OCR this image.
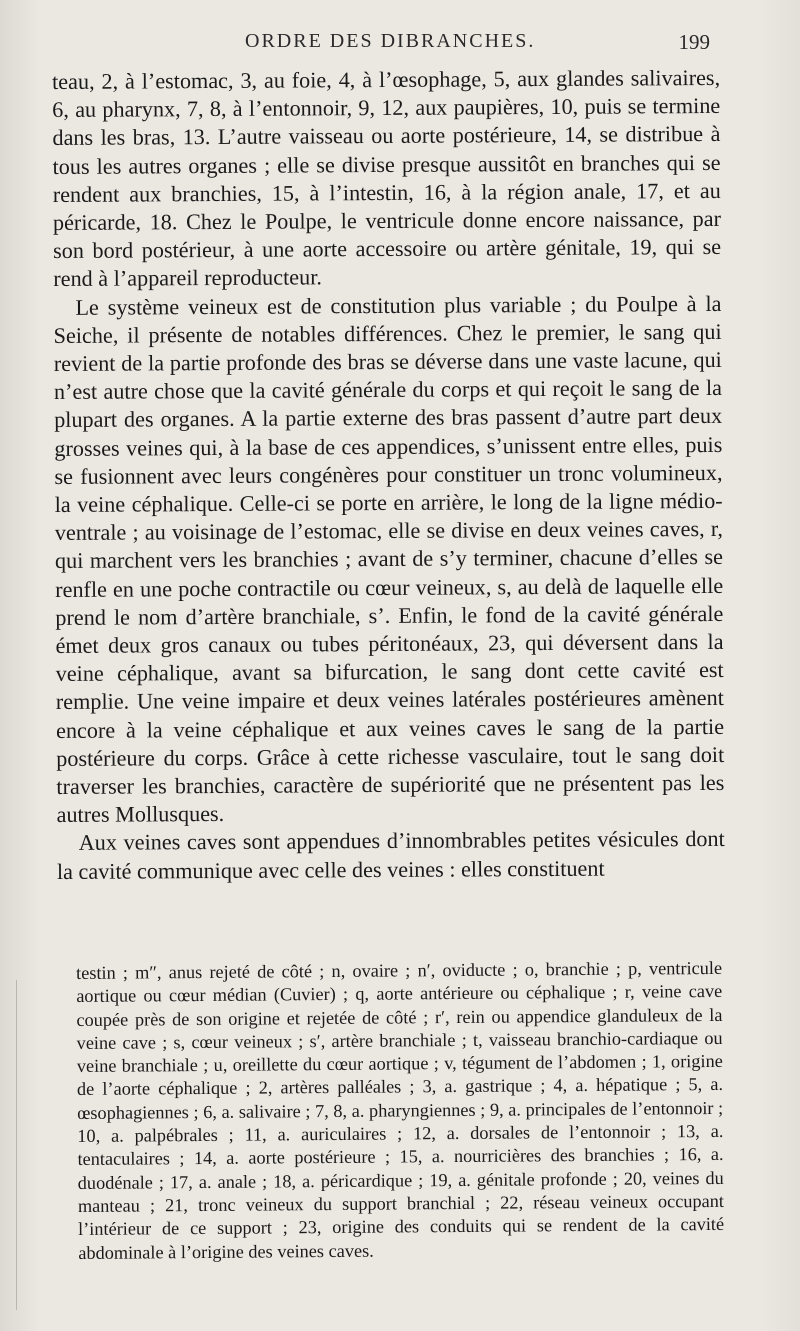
ORDRE DES DIBRANCHES.	199

teau, 2, à l’estomac, 3, au foie, 4, à l’œsophage, 5, aux glandes salivaires, 6, au pharynx, 7, 8, à l’entonnoir, 9, 12, aux paupières, 10, puis se termine dans les bras, 13. L’autre vaisseau ou aorte postérieure, 14, se distribue à tous les autres organes ; elle se divise presque aussitôt en branches qui se rendent aux branchies, 15, à l’intestin, 16, à la région anale, 17, et au péricarde, 18. Chez le Poulpe, le ventricule donne encore naissance, par son bord postérieur, à une aorte accessoire ou artère génitale, 19, qui se rend à l’appareil reproducteur.

Le système veineux est de constitution plus variable ; du Poulpe à la Seiche, il présente de notables différences. Chez le premier, le sang qui revient de la partie profonde des bras se déverse dans une vaste lacune, qui n’est autre chose que la cavité générale du corps et qui reçoit le sang de la plupart des organes. A la partie externe des bras passent d’autre part deux grosses veines qui, à la base de ces appendices, s’unissent entre elles, puis se fusionnent avec leurs congénères pour constituer un tronc volumineux, la veine céphalique. Celle-ci se porte en arrière, le long de la ligne médio-ventrale ; au voisinage de l’estomac, elle se divise en deux veines caves, r, qui marchent vers les branchies ; avant de s’y terminer, chacune d’elles se renfle en une poche contractile ou cœur veineux, s, au delà de laquelle elle prend le nom d’artère branchiale, s’. Enfin, le fond de la cavité générale émet deux gros canaux ou tubes péritonéaux, 23, qui déversent dans la veine céphalique, avant sa bifurcation, le sang dont cette cavité est remplie. Une veine impaire et deux veines latérales postérieures amènent encore à la veine céphalique et aux veines caves le sang de la partie postérieure du corps. Grâce à cette richesse vasculaire, tout le sang doit traverser les branchies, caractère de supériorité que ne présentent pas les autres Mollusques.

Aux veines caves sont appendues d’innombrables petites vésicules dont la cavité communique avec celle des veines : elles constituent

testin ; m″, anus rejeté de côté ; n, ovaire ; n′, oviducte ; o, branchie ; p, ventricule aortique ou cœur médian (Cuvier) ; q, aorte antérieure ou céphalique ; r, veine cave coupée près de son origine et rejetée de côté ; r′, rein ou appendice glanduleux de la veine cave ; s, cœur veineux ; s′, artère branchiale ; t, vaisseau branchio-cardiaque ou veine branchiale ; u, oreillette du cœur aortique ; v, tégument de l’abdomen ; 1, origine de l’aorte céphalique ; 2, artères palléales ; 3, a. gastrique ; 4, a. hépatique ; 5, a. œsophagiennes ; 6, a. salivaire ; 7, 8, a. pharyngiennes ; 9, a. principales de l’entonnoir ; 10, a. palpébrales ; 11, a. auriculaires ; 12, a. dorsales de l’entonnoir ; 13, a. tentaculaires ; 14, a. aorte postérieure ; 15, a. nourricières des branchies ; 16, a. duodénale ; 17, a. anale ; 18, a. péricardique ; 19, a. génitale profonde ; 20, veines du manteau ; 21, tronc veineux du support branchial ; 22, réseau veineux occupant l’intérieur de ce support ; 23, origine des conduits qui se rendent de la cavité abdominale à l’origine des veines caves.
